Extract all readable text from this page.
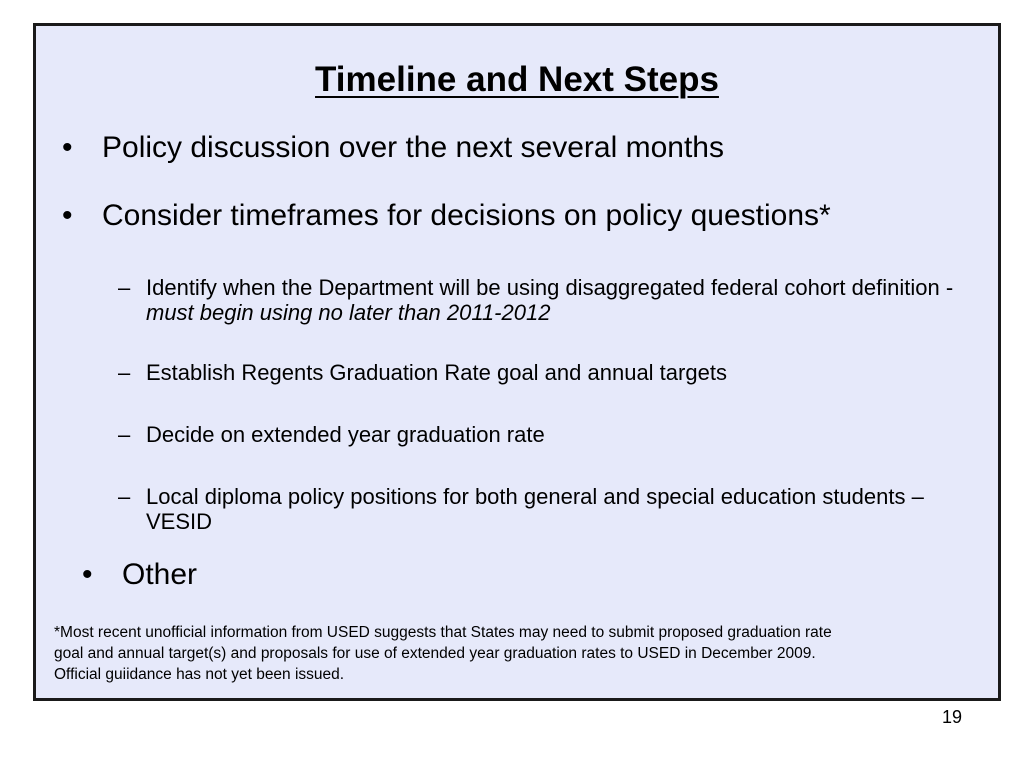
Timeline and Next Steps
• Policy discussion over the next several months
• Consider timeframes for decisions on policy questions*
– Identify when the Department will be using disaggregated federal cohort definition - must begin using no later than 2011-2012
– Establish Regents Graduation Rate goal and annual targets
– Decide on extended year graduation rate
– Local diploma policy positions for both general and special education students – VESID
• Other
*Most recent unofficial information from USED suggests that States may need to submit proposed graduation rate
goal and annual target(s) and proposals for use of extended year graduation rates to USED in December 2009.
Official guiidance has not yet been issued.
19
